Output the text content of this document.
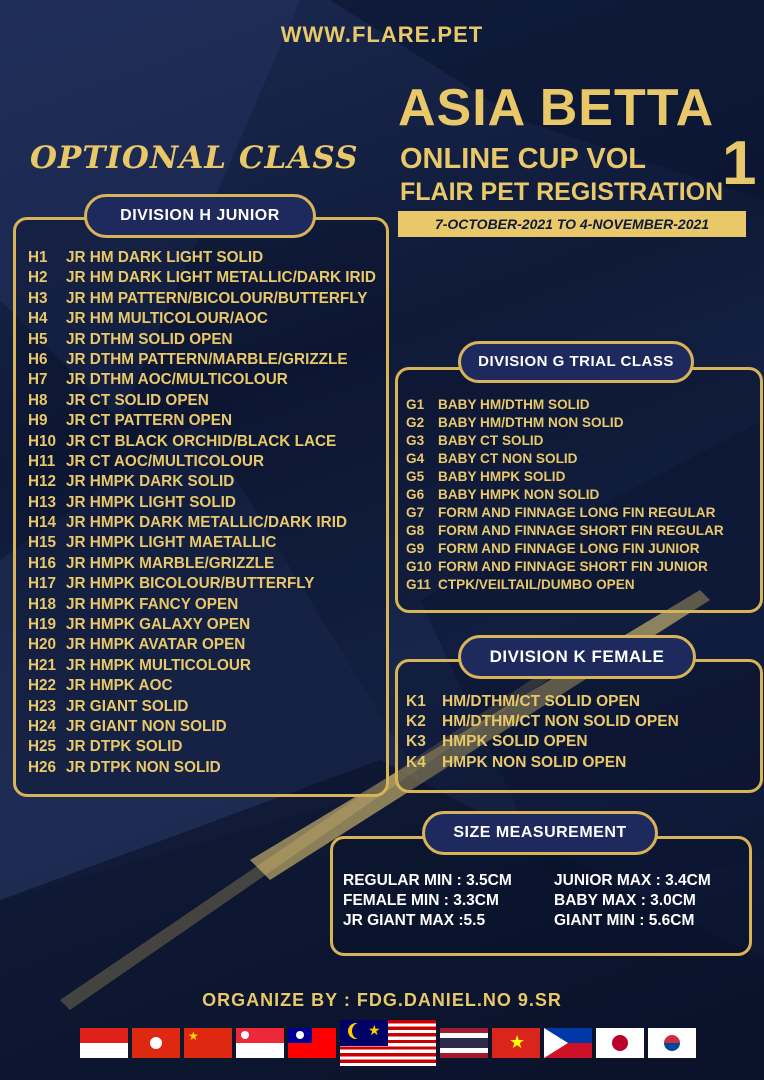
WWW.FLARE.PET
ASIA BETTA
ONLINE CUP VOL 1
FLAIR PET REGISTRATION
7-OCTOBER-2021 TO 4-NOVEMBER-2021
OPTIONAL CLASS
DIVISION H JUNIOR
H1 JR HM DARK LIGHT SOLID
H2 JR HM DARK LIGHT METALLIC/DARK IRID
H3 JR HM PATTERN/BICOLOUR/BUTTERFLY
H4 JR HM MULTICOLOUR/AOC
H5 JR DTHM SOLID OPEN
H6 JR DTHM PATTERN/MARBLE/GRIZZLE
H7 JR DTHM AOC/MULTICOLOUR
H8 JR CT SOLID OPEN
H9 JR CT PATTERN OPEN
H10 JR CT BLACK ORCHID/BLACK LACE
H11 JR CT AOC/MULTICOLOUR
H12 JR HMPK DARK SOLID
H13 JR HMPK LIGHT SOLID
H14 JR HMPK DARK METALLIC/DARK IRID
H15 JR HMPK LIGHT MAETALLIC
H16 JR HMPK MARBLE/GRIZZLE
H17 JR HMPK BICOLOUR/BUTTERFLY
H18 JR HMPK FANCY OPEN
H19 JR HMPK GALAXY OPEN
H20 JR HMPK AVATAR OPEN
H21 JR HMPK MULTICOLOUR
H22 JR HMPK AOC
H23 JR GIANT SOLID
H24 JR GIANT NON SOLID
H25 JR DTPK SOLID
H26 JR DTPK NON SOLID
DIVISION G TRIAL CLASS
G1 BABY HM/DTHM SOLID
G2 BABY HM/DTHM NON SOLID
G3 BABY CT SOLID
G4 BABY CT NON SOLID
G5 BABY HMPK SOLID
G6 BABY HMPK NON SOLID
G7 FORM AND FINNAGE LONG FIN REGULAR
G8 FORM AND FINNAGE SHORT FIN REGULAR
G9 FORM AND FINNAGE LONG FIN JUNIOR
G10 FORM AND FINNAGE SHORT FIN JUNIOR
G11 CTPK/VEILTAIL/DUMBO OPEN
DIVISION K FEMALE
K1 HM/DTHM/CT SOLID OPEN
K2 HM/DTHM/CT NON SOLID OPEN
K3 HMPK SOLID OPEN
K4 HMPK NON SOLID OPEN
SIZE MEASUREMENT
REGULAR MIN : 3.5CM
FEMALE MIN : 3.3CM
JR GIANT MAX :5.5
JUNIOR MAX : 3.4CM
BABY MAX : 3.0CM
GIANT MIN : 5.6CM
ORGANIZE BY : FDG.DANIEL.NO 9.SR
★	★
★
